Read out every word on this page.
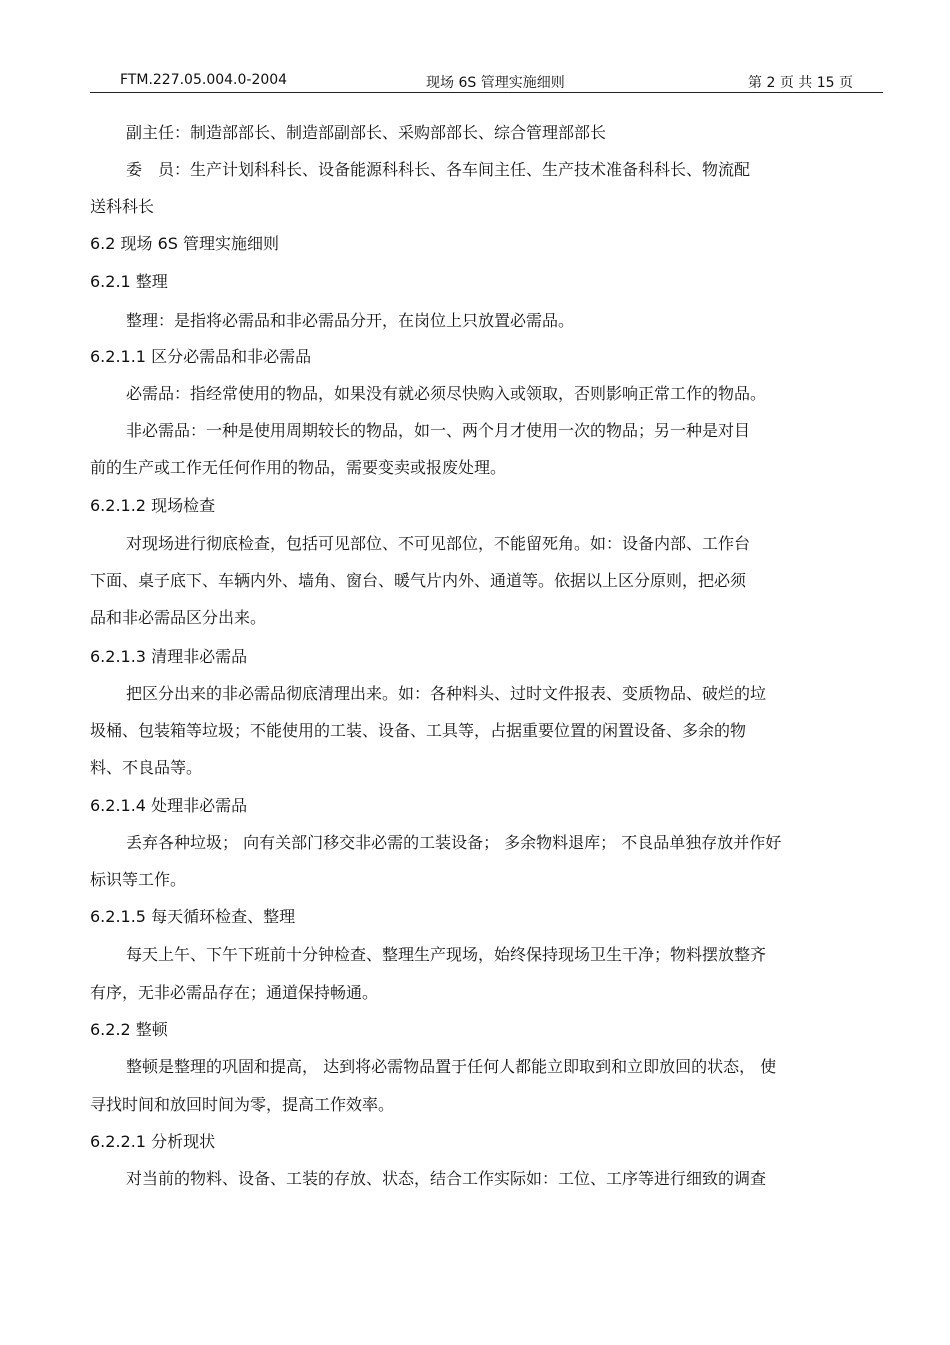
FTM.227.05.004.0-2004	现场 6S 管理实施细则	第 2 页 共 15 页
副主任：制造部部长、制造部副部长、采购部部长、综合管理部部长
委　员：生产计划科科长、设备能源科科长、各车间主任、生产技术准备科科长、物流配
送科科长
6.2 现场 6S 管理实施细则
6.2.1 整理
整理：是指将必需品和非必需品分开，在岗位上只放置必需品。
6.2.1.1 区分必需品和非必需品
必需品：指经常使用的物品，如果没有就必须尽快购入或领取，否则影响正常工作的物品。
非必需品：一种是使用周期较长的物品，如一、两个月才使用一次的物品；另一种是对目
前的生产或工作无任何作用的物品，需要变卖或报废处理。
6.2.1.2 现场检查
对现场进行彻底检查，包括可见部位、不可见部位，不能留死角。如：设备内部、工作台
下面、桌子底下、车辆内外、墙角、窗台、暖气片内外、通道等。依据以上区分原则，把必须
品和非必需品区分出来。
6.2.1.3 清理非必需品
把区分出来的非必需品彻底清理出来。如：各种料头、过时文件报表、变质物品、破烂的垃
圾桶、包装箱等垃圾；不能使用的工装、设备、工具等，占据重要位置的闲置设备、多余的物
料、不良品等。
6.2.1.4 处理非必需品
丢弃各种垃圾； 向有关部门移交非必需的工装设备； 多余物料退库； 不良品单独存放并作好
标识等工作。
6.2.1.5 每天循环检查、整理
每天上午、下午下班前十分钟检查、整理生产现场，始终保持现场卫生干净；物料摆放整齐
有序，无非必需品存在；通道保持畅通。
6.2.2 整顿
整顿是整理的巩固和提高， 达到将必需物品置于任何人都能立即取到和立即放回的状态， 使
寻找时间和放回时间为零，提高工作效率。
6.2.2.1 分析现状
对当前的物料、设备、工装的存放、状态，结合工作实际如：工位、工序等进行细致的调查
